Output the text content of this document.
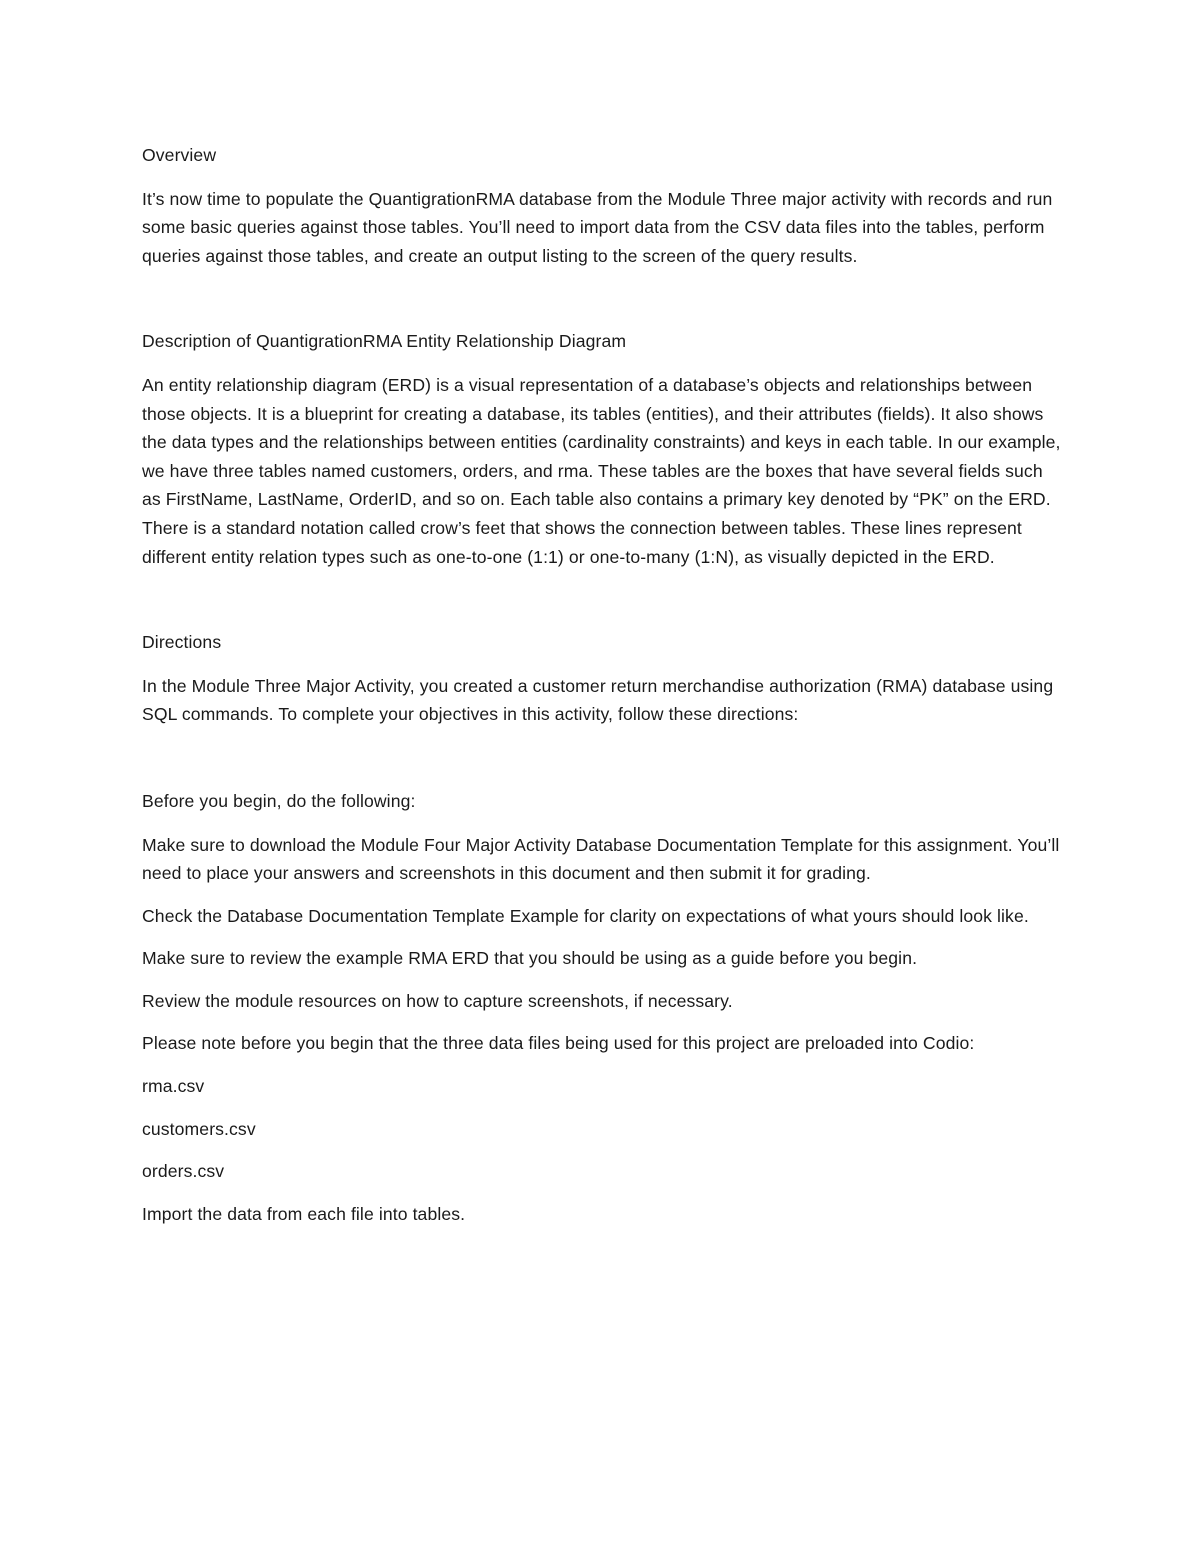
Overview

It’s now time to populate the QuantigrationRMA database from the Module Three major activity with records and run some basic queries against those tables. You’ll need to import data from the CSV data files into the tables, perform queries against those tables, and create an output listing to the screen of the query results.

Description of QuantigrationRMA Entity Relationship Diagram

An entity relationship diagram (ERD) is a visual representation of a database’s objects and relationships between those objects. It is a blueprint for creating a database, its tables (entities), and their attributes (fields). It also shows the data types and the relationships between entities (cardinality constraints) and keys in each table. In our example, we have three tables named customers, orders, and rma. These tables are the boxes that have several fields such as FirstName, LastName, OrderID, and so on. Each table also contains a primary key denoted by “PK” on the ERD. There is a standard notation called crow’s feet that shows the connection between tables. These lines represent different entity relation types such as one-to-one (1:1) or one-to-many (1:N), as visually depicted in the ERD.

Directions

In the Module Three Major Activity, you created a customer return merchandise authorization (RMA) database using SQL commands. To complete your objectives in this activity, follow these directions:

Before you begin, do the following:

Make sure to download the Module Four Major Activity Database Documentation Template for this assignment. You’ll need to place your answers and screenshots in this document and then submit it for grading.

Check the Database Documentation Template Example for clarity on expectations of what yours should look like.

Make sure to review the example RMA ERD that you should be using as a guide before you begin.

Review the module resources on how to capture screenshots, if necessary.

Please note before you begin that the three data files being used for this project are preloaded into Codio:

rma.csv

customers.csv

orders.csv

Import the data from each file into tables.
